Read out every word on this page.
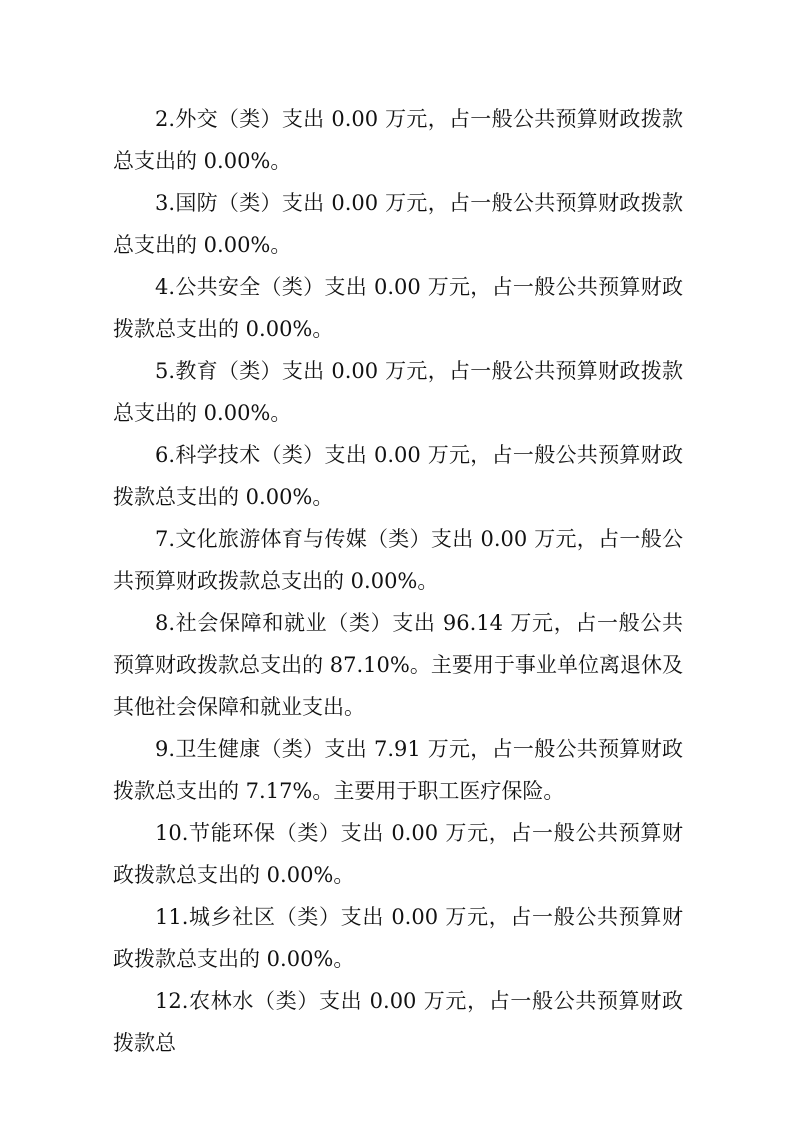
2.外交（类）支出 0.00 万元，占一般公共预算财政拨款总支出的 0.00%。

3.国防（类）支出 0.00 万元，占一般公共预算财政拨款总支出的 0.00%。

4.公共安全（类）支出 0.00 万元，占一般公共预算财政拨款总支出的 0.00%。

5.教育（类）支出 0.00 万元，占一般公共预算财政拨款总支出的 0.00%。

6.科学技术（类）支出 0.00 万元，占一般公共预算财政拨款总支出的 0.00%。

7.文化旅游体育与传媒（类）支出 0.00 万元，占一般公共预算财政拨款总支出的 0.00%。

8.社会保障和就业（类）支出 96.14 万元，占一般公共预算财政拨款总支出的 87.10%。主要用于事业单位离退休及其他社会保障和就业支出。

9.卫生健康（类）支出 7.91 万元，占一般公共预算财政拨款总支出的 7.17%。主要用于职工医疗保险。

10.节能环保（类）支出 0.00 万元，占一般公共预算财政拨款总支出的 0.00%。

11.城乡社区（类）支出 0.00 万元，占一般公共预算财政拨款总支出的 0.00%。

12.农林水（类）支出 0.00 万元，占一般公共预算财政拨款总
